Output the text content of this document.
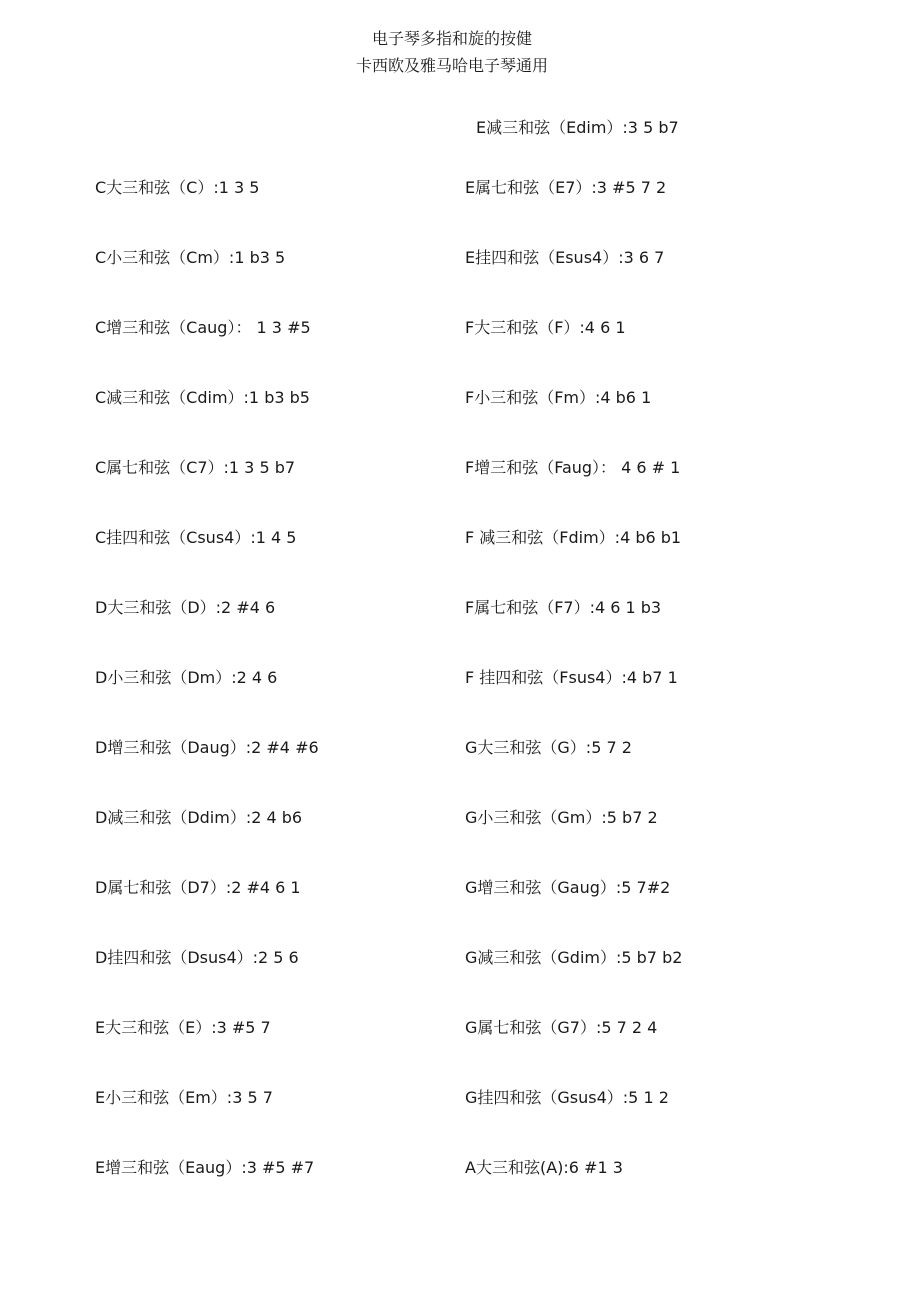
电子琴多指和旋的按健
卡西欧及雅马哈电子琴通用
E减三和弦（Edim）:3 5 b7
C大三和弦（C）:1 3 5
C小三和弦（Cm）:1 b3 5
C增三和弦（Caug）： 1 3 #5
C减三和弦（Cdim）:1 b3 b5
C属七和弦（C7）:1 3 5 b7
C挂四和弦（Csus4）:1 4 5
D大三和弦（D）:2 #4 6
D小三和弦（Dm）:2 4 6
D增三和弦（Daug）:2 #4 #6
D减三和弦（Ddim）:2 4 b6
D属七和弦（D7）:2 #4 6 1
D挂四和弦（Dsus4）:2 5 6
E大三和弦（E）:3 #5 7
E小三和弦（Em）:3 5 7
E增三和弦（Eaug）:3 #5 #7
E属七和弦（E7）:3 #5 7 2
E挂四和弦（Esus4）:3 6 7
F大三和弦（F）:4 6 1
F小三和弦（Fm）:4 b6 1
F增三和弦（Faug）： 4 6 # 1
F 减三和弦（Fdim）:4 b6 b1
F属七和弦（F7）:4 6 1 b3
F 挂四和弦（Fsus4）:4 b7 1
G大三和弦（G）:5 7 2
G小三和弦（Gm）:5 b7 2
G增三和弦（Gaug）:5 7#2
G减三和弦（Gdim）:5 b7 b2
G属七和弦（G7）:5 7 2 4
G挂四和弦（Gsus4）:5 1 2
A大三和弦(A):6 #1 3
